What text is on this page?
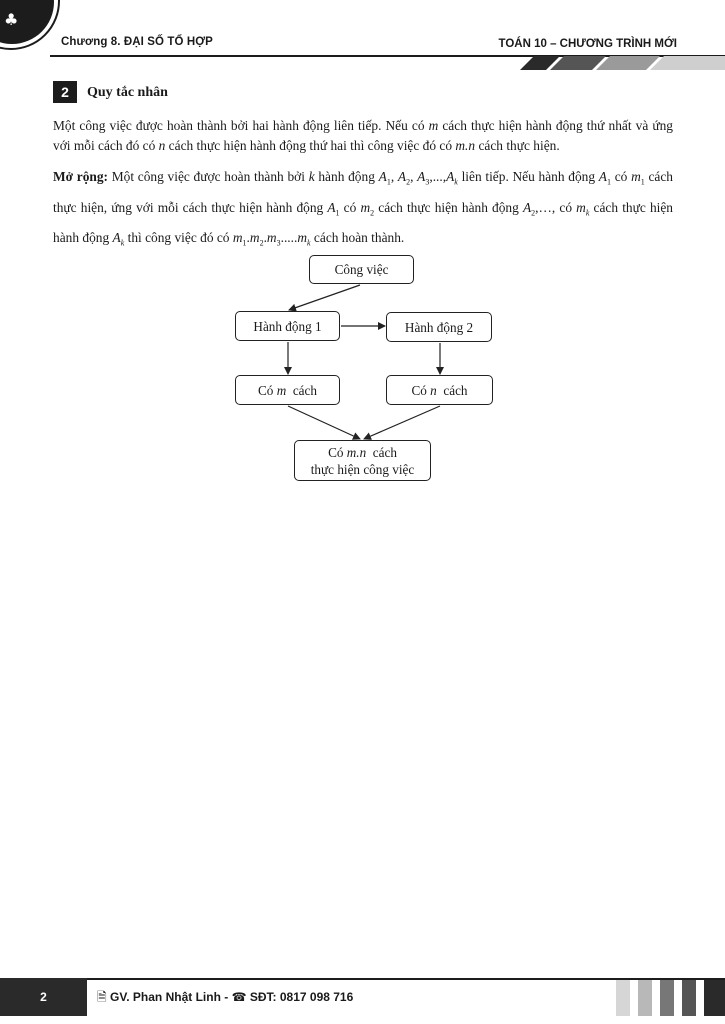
♣
Chương 8. ĐẠI SỐ TỔ HỢP	TOÁN 10 – CHƯƠNG TRÌNH MỚI
2	Quy tắc nhân
Một công việc được hoàn thành bởi hai hành động liên tiếp. Nếu có m cách thực hiện hành động thứ nhất và ứng với mỗi cách đó có n cách thực hiện hành động thứ hai thì công việc đó có m.n cách thực hiện.
Mở rộng: Một công việc được hoàn thành bởi k hành động $A_1$, $A_2$, $A_3,...,A_k$ liên tiếp. Nếu hành động $A_1$ có $m_1$ cách thực hiện, ứng với mỗi cách thực hiện hành động $A_1$ có $m_2$ cách thực hiện hành động $A_2,\dots$, có $m_k$ cách thực hiện hành động $A_k$ thì công việc đó có $m_1.m_2.m_3.....m_k$ cách hoàn thành.
Công việc
Hành động 1	Hành động 2
Có
m
cách	Có
n
cách
Có m.n cách
thực hiện công việc
2	🗎 GV. Phan Nhật Linh - ☎ SĐT: 0817 098 716
